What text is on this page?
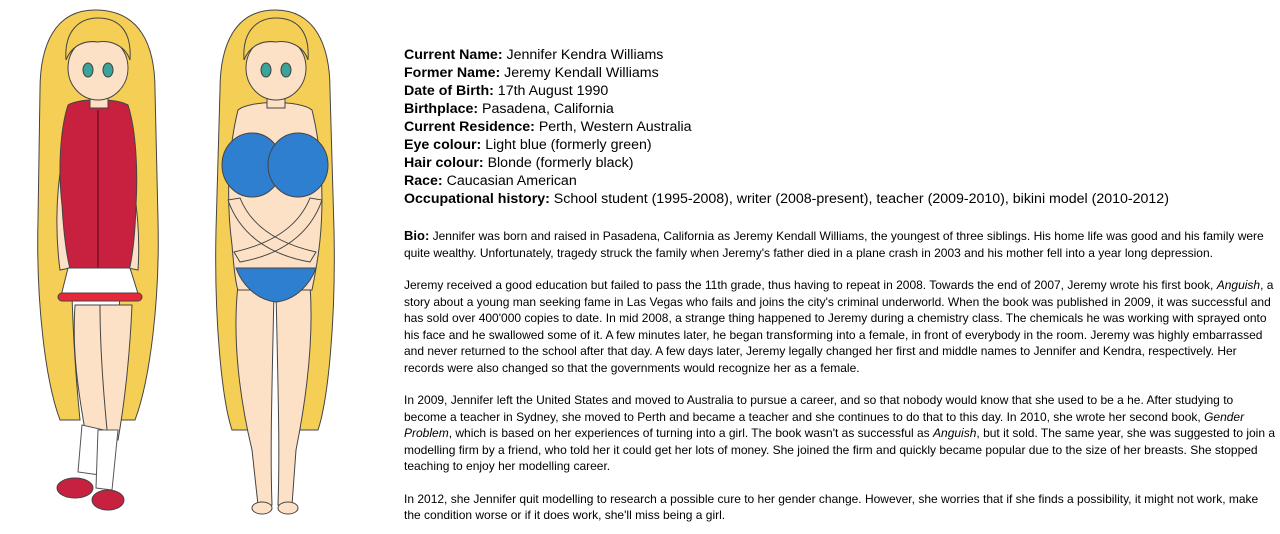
Current Name: Jennifer Kendra Williams
Former Name: Jeremy Kendall Williams
Date of Birth: 17th August 1990
Birthplace: Pasadena, California
Current Residence: Perth, Western Australia
Eye colour: Light blue (formerly green)
Hair colour: Blonde (formerly black)
Race: Caucasian American
Occupational history: School student (1995-2008), writer (2008-present), teacher (2009-2010), bikini model (2010-2012)

Bio: Jennifer was born and raised in Pasadena, California as Jeremy Kendall Williams, the youngest of three siblings. His home life was good and his family were quite wealthy. Unfortunately, tragedy struck the family when Jeremy's father died in a plane crash in 2003 and his mother fell into a year long depression.

Jeremy received a good education but failed to pass the 11th grade, thus having to repeat in 2008. Towards the end of 2007, Jeremy wrote his first book, Anguish, a story about a young man seeking fame in Las Vegas who fails and joins the city's criminal underworld. When the book was published in 2009, it was successful and has sold over 400'000 copies to date. In mid 2008, a strange thing happened to Jeremy during a chemistry class. The chemicals he was working with sprayed onto his face and he swallowed some of it. A few minutes later, he began transforming into a female, in front of everybody in the room. Jeremy was highly embarrassed and never returned to the school after that day. A few days later, Jeremy legally changed her first and middle names to Jennifer and Kendra, respectively. Her records were also changed so that the governments would recognize her as a female.

In 2009, Jennifer left the United States and moved to Australia to pursue a career, and so that nobody would know that she used to be a he. After studying to become a teacher in Sydney, she moved to Perth and became a teacher and she continues to do that to this day. In 2010, she wrote her second book, Gender Problem, which is based on her experiences of turning into a girl. The book wasn't as successful as Anguish, but it sold. The same year, she was suggested to join a modelling firm by a friend, who told her it could get her lots of money. She joined the firm and quickly became popular due to the size of her breasts. She stopped teaching to enjoy her modelling career.

In 2012, she Jennifer quit modelling to research a possible cure to her gender change. However, she worries that if she finds a possibility, it might not work, make the condition worse or if it does work, she'll miss being a girl.
